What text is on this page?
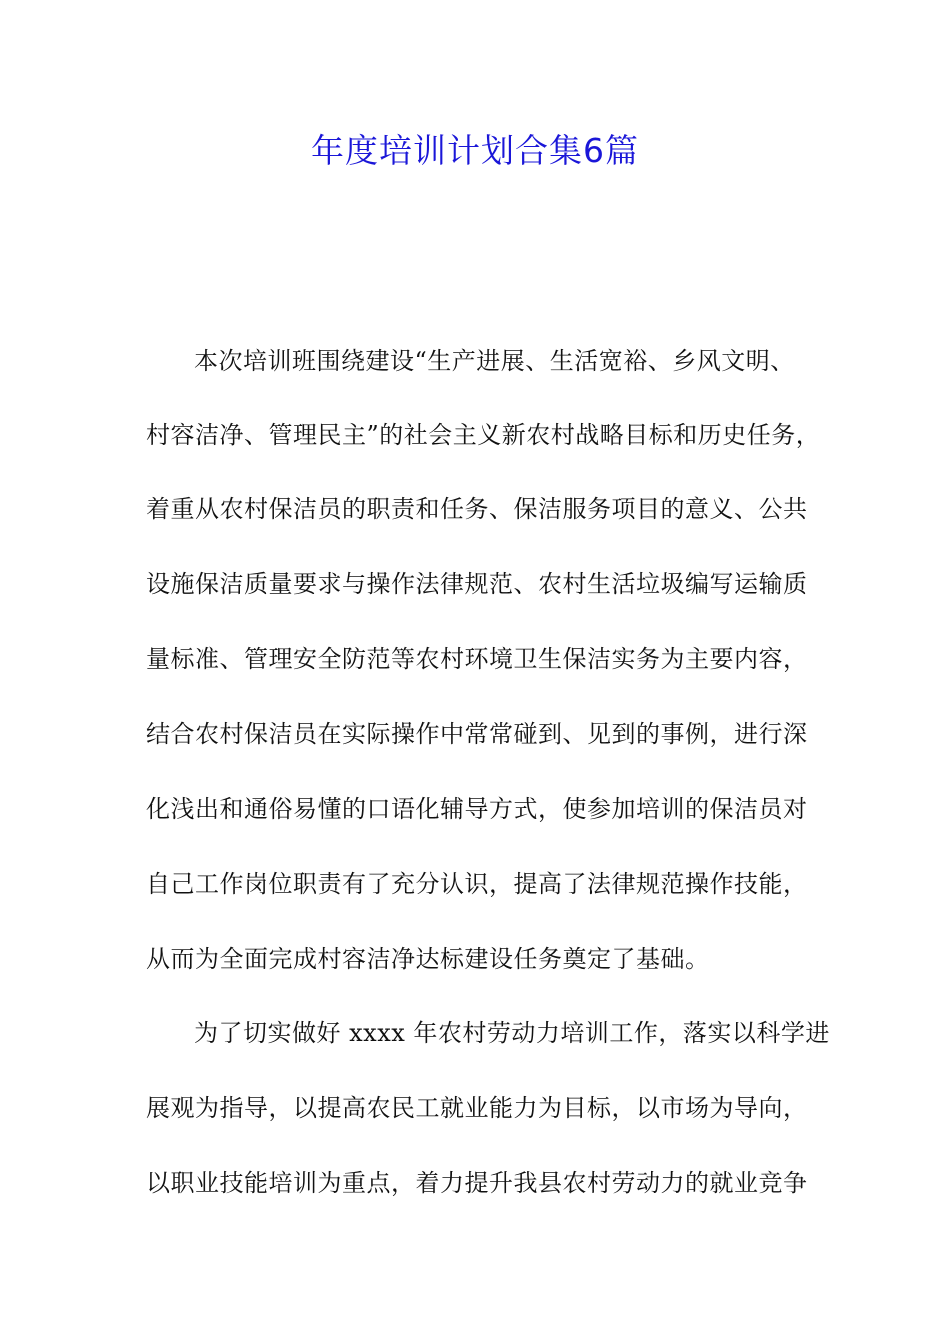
年度培训计划合集6篇
本次培训班围绕建设“生产进展、生活宽裕、乡风文明、
村容洁净、管理民主”的社会主义新农村战略目标和历史任务，
着重从农村保洁员的职责和任务、保洁服务项目的意义、公共
设施保洁质量要求与操作法律规范、农村生活垃圾编写运输质
量标准、管理安全防范等农村环境卫生保洁实务为主要内容，
结合农村保洁员在实际操作中常常碰到、见到的事例，进行深
化浅出和通俗易懂的口语化辅导方式，使参加培训的保洁员对
自己工作岗位职责有了充分认识，提高了法律规范操作技能，
从而为全面完成村容洁净达标建设任务奠定了基础。
为了切实做好 xxxx 年农村劳动力培训工作，落实以科学进
展观为指导，以提高农民工就业能力为目标，以市场为导向，
以职业技能培训为重点，着力提升我县农村劳动力的就业竞争
